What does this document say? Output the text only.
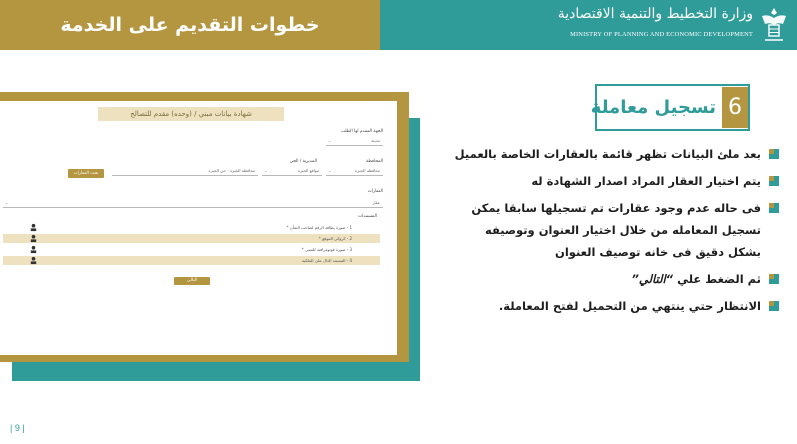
خطوات التقديم على الخدمة	وزارة التخطيط والتنمية الاقتصادية
MINISTRY OF PLANNING AND ECONOMIC DEVELOPMENT
شهادة بيانات مبني / (وحده) مقدم للتصالح
الجهة المقدم لها الطلب
مدينة
⌄
المحافظة
المديرية / الحي
بحث العقارات
محافظة الجيزة - حي الجيزة	مواقع الجيزة
⌄	محافظة الجيزة
⌄
العقارات
عقار
⌄
المستندات
1 - صورة بطاقة الرقم لصاحب الشأن *
2 - كروكي الموقع *
3 - صورة فوتوغرافية للمبنى *
4 - المستند الدال على الملكية
التالي
6
تسجيل معاملة
بعد ملئ البيانات تظهر قائمة بالعقارات الخاصة بالعميل
يتم اختيار العقار المراد اصدار الشهادة له
فى حاله عدم وجود عقارات تم تسجيلها سابقا يمكن
تسجيل المعامله من خلال اختيار العنوان وتوصيفه
بشكل دقيق فى خانه توصيف العنوان
ثم الضغط علي “التالي”
الانتظار حتي ينتهي من التحميل لفتح المعاملة.
| 9 |
